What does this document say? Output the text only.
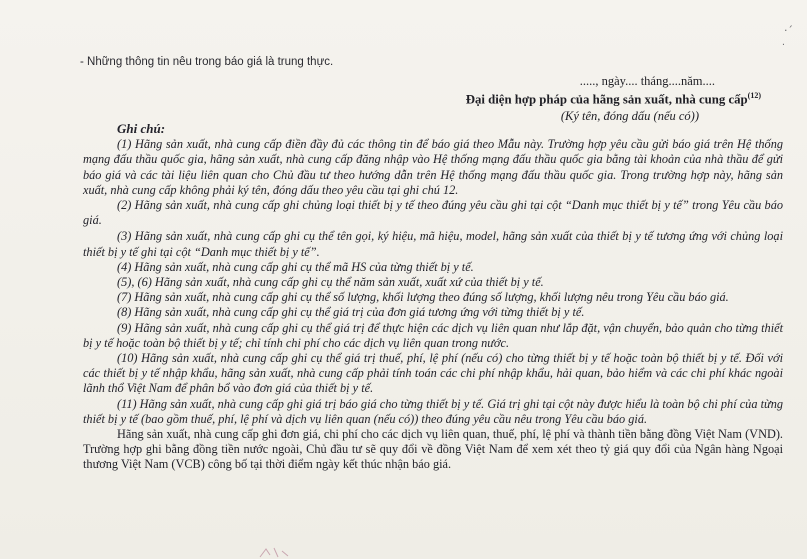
·´
·
- Những thông tin nêu trong báo giá là trung thực.
....., ngày.... tháng....năm....
Đại diện hợp pháp của hãng sản xuất, nhà cung cấp$^{(12)}$
(Ký tên, đóng dấu (nếu có))
Ghi chú:

(1) Hãng sản xuất, nhà cung cấp điền đầy đủ các thông tin để báo giá theo Mẫu này. Trường hợp yêu cầu gửi báo giá trên Hệ thống mạng đấu thầu quốc gia, hãng sản xuất, nhà cung cấp đăng nhập vào Hệ thống mạng đấu thầu quốc gia bằng tài khoản của nhà thầu để gửi báo giá và các tài liệu liên quan cho Chủ đầu tư theo hướng dẫn trên Hệ thống mạng đấu thầu quốc gia. Trong trường hợp này, hãng sản xuất, nhà cung cấp không phải ký tên, đóng dấu theo yêu cầu tại ghi chú 12.

(2) Hãng sản xuất, nhà cung cấp ghi chủng loại thiết bị y tế theo đúng yêu cầu ghi tại cột “Danh mục thiết bị y tế” trong Yêu cầu báo giá.

(3) Hãng sản xuất, nhà cung cấp ghi cụ thể tên gọi, ký hiệu, mã hiệu, model, hãng sản xuất của thiết bị y tế tương ứng với chủng loại thiết bị y tế ghi tại cột “Danh mục thiết bị y tế”.

(4) Hãng sản xuất, nhà cung cấp ghi cụ thể mã HS của từng thiết bị y tế.

(5), (6) Hãng sản xuất, nhà cung cấp ghi cụ thể năm sản xuất, xuất xứ của thiết bị y tế.

(7) Hãng sản xuất, nhà cung cấp ghi cụ thể số lượng, khối lượng theo đúng số lượng, khối lượng nêu trong Yêu cầu báo giá.

(8) Hãng sản xuất, nhà cung cấp ghi cụ thể giá trị của đơn giá tương ứng với từng thiết bị y tế.

(9) Hãng sản xuất, nhà cung cấp ghi cụ thể giá trị để thực hiện các dịch vụ liên quan như lắp đặt, vận chuyển, bảo quản cho từng thiết bị y tế hoặc toàn bộ thiết bị y tế; chỉ tính chi phí cho các dịch vụ liên quan trong nước.

(10) Hãng sản xuất, nhà cung cấp ghi cụ thể giá trị thuế, phí, lệ phí (nếu có) cho từng thiết bị y tế hoặc toàn bộ thiết bị y tế. Đối với các thiết bị y tế nhập khẩu, hãng sản xuất, nhà cung cấp phải tính toán các chi phí nhập khẩu, hải quan, bảo hiểm và các chi phí khác ngoài lãnh thổ Việt Nam để phân bổ vào đơn giá của thiết bị y tế.

(11) Hãng sản xuất, nhà cung cấp ghi giá trị báo giá cho từng thiết bị y tế. Giá trị ghi tại cột này được hiểu là toàn bộ chi phí của từng thiết bị y tế (bao gồm thuế, phí, lệ phí và dịch vụ liên quan (nếu có)) theo đúng yêu cầu nêu trong Yêu cầu báo giá.

Hãng sản xuất, nhà cung cấp ghi đơn giá, chi phí cho các dịch vụ liên quan, thuế, phí, lệ phí và thành tiền bằng đồng Việt Nam (VND). Trường hợp ghi bằng đồng tiền nước ngoài, Chủ đầu tư sẽ quy đổi về đồng Việt Nam để xem xét theo tỷ giá quy đổi của Ngân hàng Ngoại thương Việt Nam (VCB) công bố tại thời điểm ngày kết thúc nhận báo giá.
